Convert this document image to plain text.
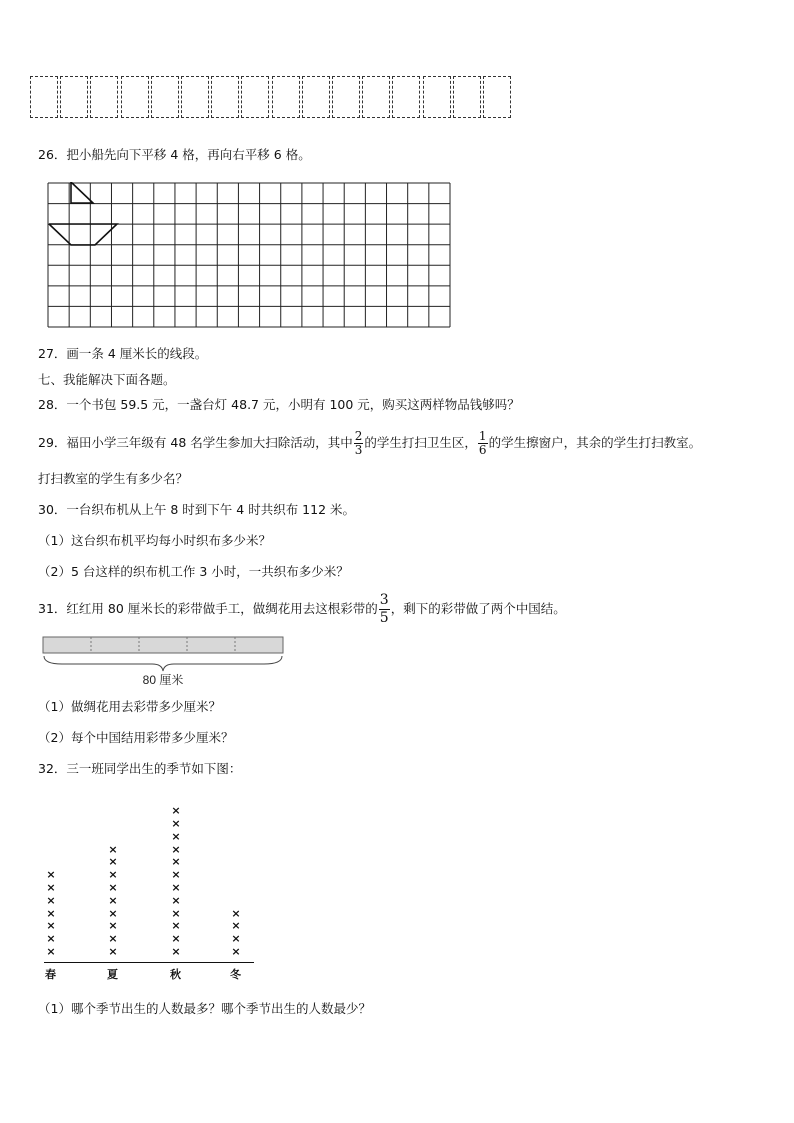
26．把小船先向下平移 4 格，再向右平移 6 格。
27．画一条 4 厘米长的线段。
七、我能解决下面各题。
28．一个书包 59.5 元，一盏台灯 48.7 元，小明有 100 元，购买这两样物品钱够吗？
29．福田小学三年级有 48 名学生参加大扫除活动，其中 $\frac{2}{3}$ 的学生打扫卫生区， $\frac{1}{6}$ 的学生擦窗户，其余的学生打扫教室。
打扫教室的学生有多少名？
30．一台织布机从上午 8 时到下午 4 时共织布 112 米。
（1）这台织布机平均每小时织布多少米？
（2）5 台这样的织布机工作 3 小时，一共织布多少米？
31．红红用 80 厘米长的彩带做手工，做绸花用去这根彩带的 $\frac{3}{5}$ ，剩下的彩带做了两个中国结。
80 厘米
（1）做绸花用去彩带多少厘米？
（2）每个中国结用彩带多少厘米？
32．三一班同学出生的季节如下图：
春
×
×
×
×
×
×
×
夏
×
×
×
×
×
×
×
×
×
秋
×
×
×
×
×
×
×
×
×
×
×
×
冬
×
×
×
×
（1）哪个季节出生的人数最多？哪个季节出生的人数最少？
